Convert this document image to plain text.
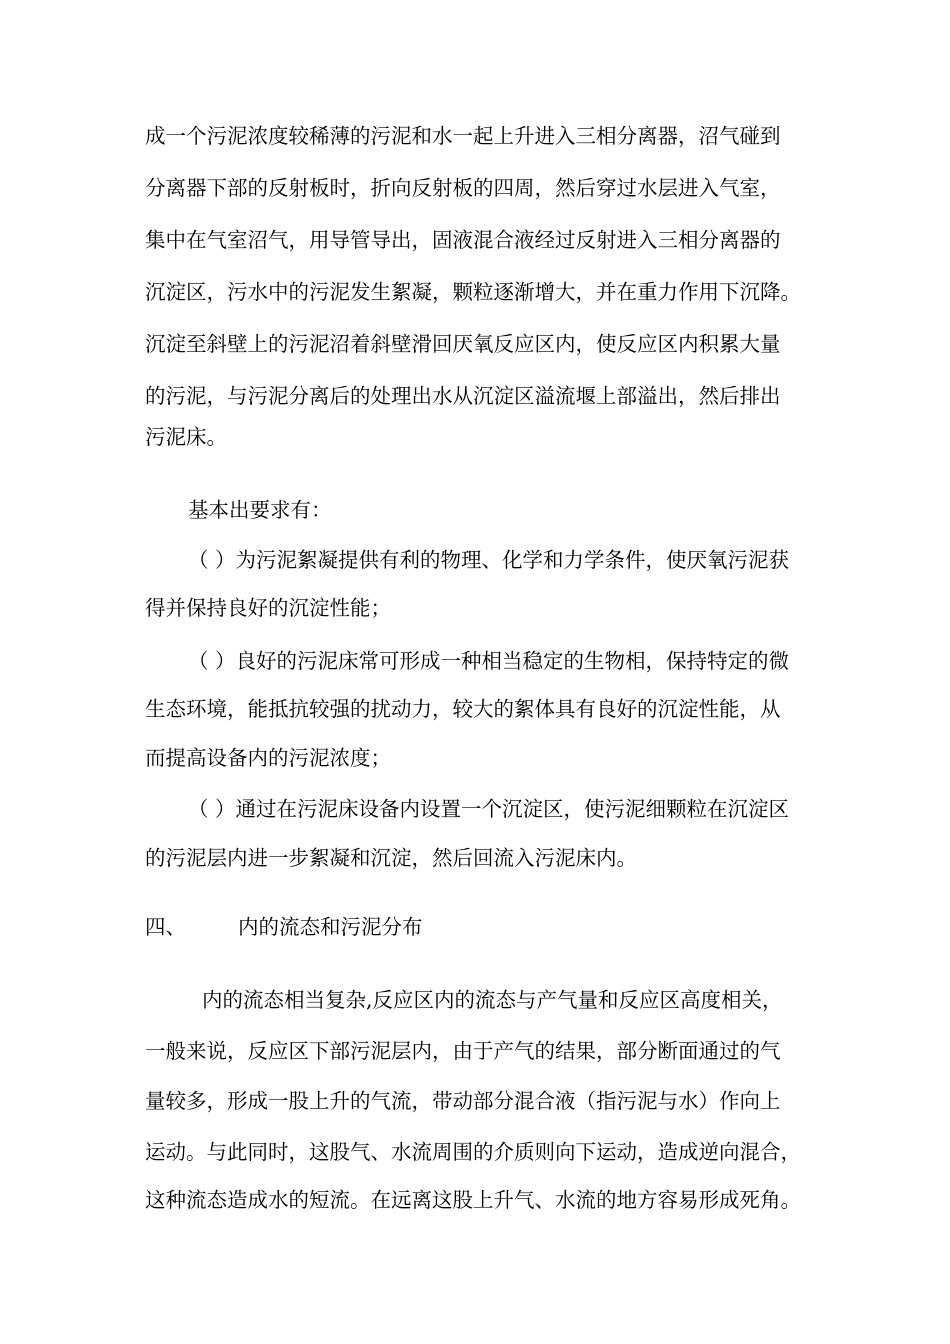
成一个污泥浓度较稀薄的污泥和水一起上升进入三相分离器，沼气碰到
分离器下部的反射板时，折向反射板的四周，然后穿过水层进入气室，
集中在气室沼气，用导管导出，固液混合液经过反射进入三相分离器的
沉淀区，污水中的污泥发生絮凝，颗粒逐渐增大，并在重力作用下沉降。
沉淀至斜壁上的污泥沼着斜壁滑回厌氧反应区内，使反应区内积累大量
的污泥，与污泥分离后的处理出水从沉淀区溢流堰上部溢出，然后排出
污泥床。
基本出要求有：
（ ）为污泥絮凝提供有利的物理、化学和力学条件，使厌氧污泥获
得并保持良好的沉淀性能；
（ ）良好的污泥床常可形成一种相当稳定的生物相，保持特定的微
生态环境，能抵抗较强的扰动力，较大的絮体具有良好的沉淀性能，从
而提高设备内的污泥浓度；
（ ）通过在污泥床设备内设置一个沉淀区，使污泥细颗粒在沉淀区
的污泥层内进一步絮凝和沉淀，然后回流入污泥床内。
四、	内的流态和污泥分布
内的流态相当复杂,反应区内的流态与产气量和反应区高度相关，
一般来说，反应区下部污泥层内，由于产气的结果，部分断面通过的气
量较多，形成一股上升的气流，带动部分混合液（指污泥与水）作向上
运动。与此同时，这股气、水流周围的介质则向下运动，造成逆向混合，
这种流态造成水的短流。在远离这股上升气、水流的地方容易形成死角。
